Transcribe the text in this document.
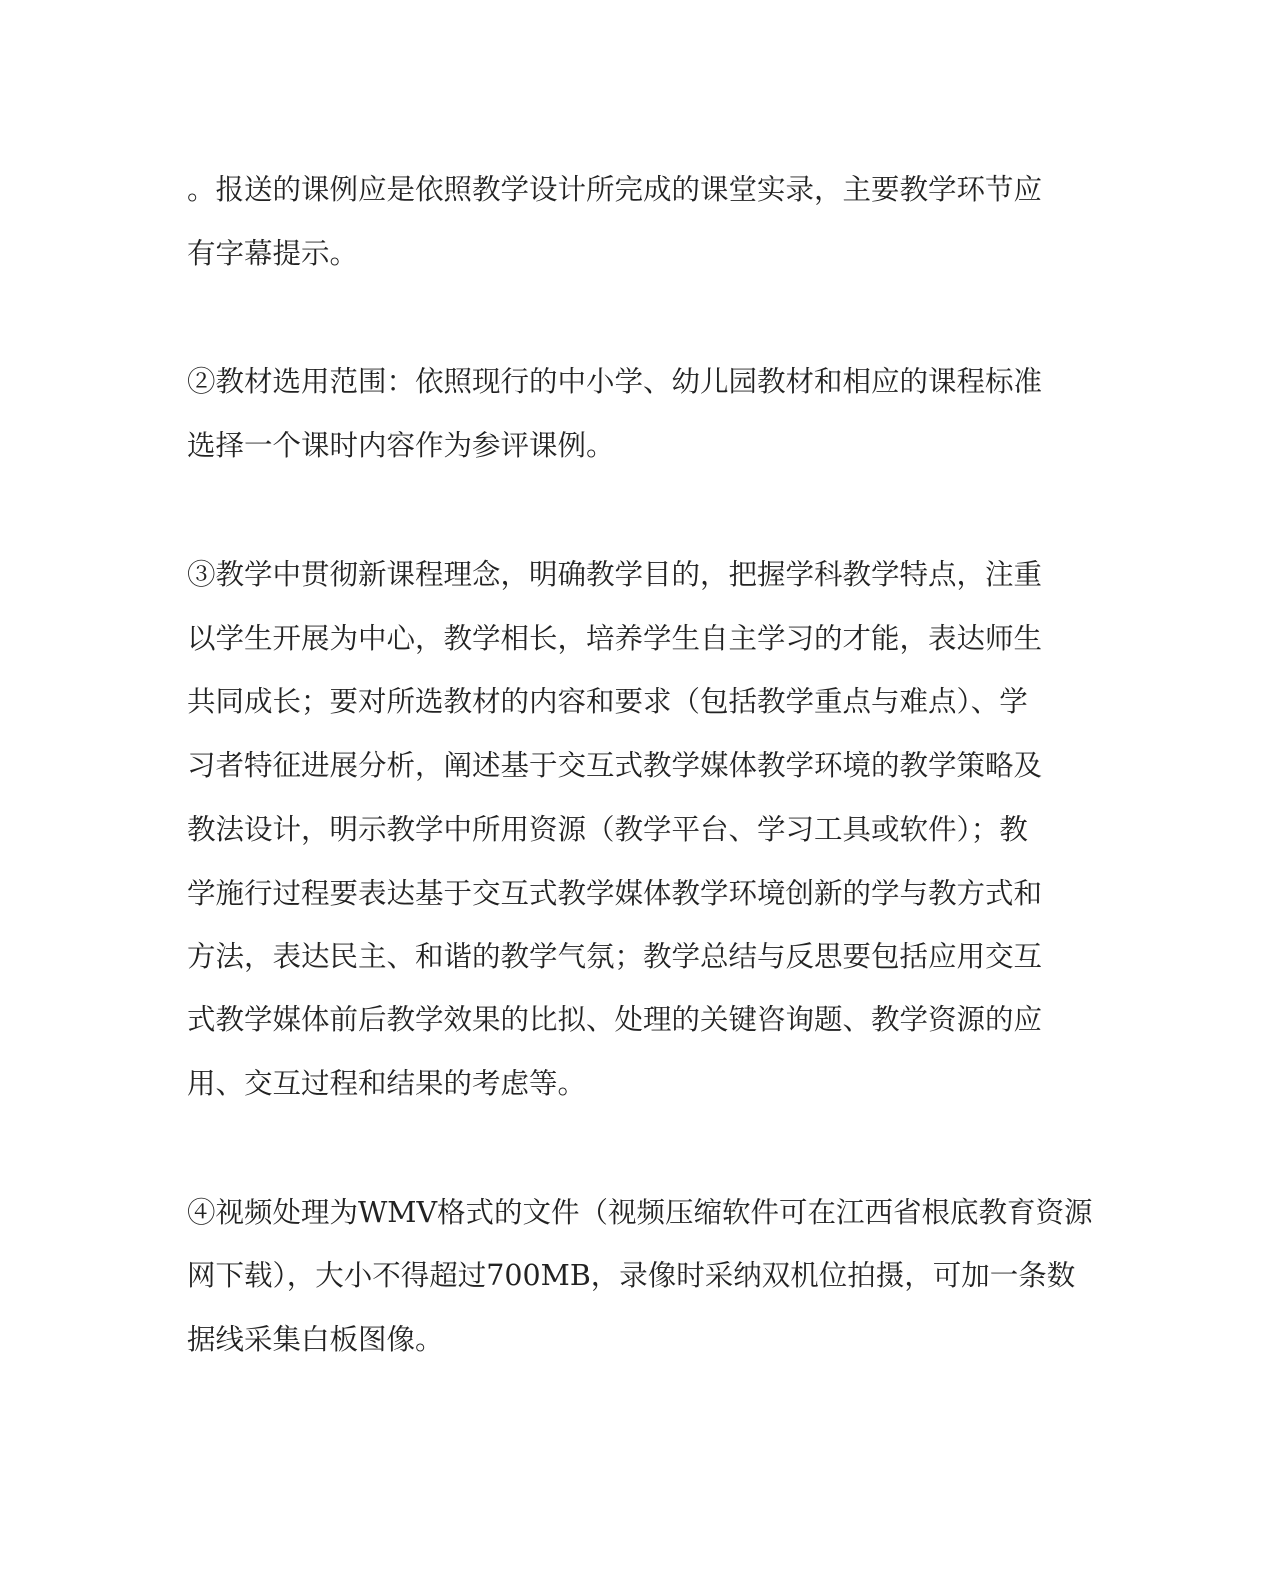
。报送的课例应是依照教学设计所完成的课堂实录，主要教学环节应
有字幕提示。
②教材选用范围：依照现行的中小学、幼儿园教材和相应的课程标准
选择一个课时内容作为参评课例。
③教学中贯彻新课程理念，明确教学目的，把握学科教学特点，注重
以学生开展为中心，教学相长，培养学生自主学习的才能，表达师生
共同成长；要对所选教材的内容和要求（包括教学重点与难点）、学
习者特征进展分析，阐述基于交互式教学媒体教学环境的教学策略及
教法设计，明示教学中所用资源（教学平台、学习工具或软件）；教
学施行过程要表达基于交互式教学媒体教学环境创新的学与教方式和
方法，表达民主、和谐的教学气氛；教学总结与反思要包括应用交互
式教学媒体前后教学效果的比拟、处理的关键咨询题、教学资源的应
用、交互过程和结果的考虑等。
④视频处理为WMV格式的文件（视频压缩软件可在江西省根底教育资源
网下载），大小不得超过700MB，录像时采纳双机位拍摄，可加一条数
据线采集白板图像。
